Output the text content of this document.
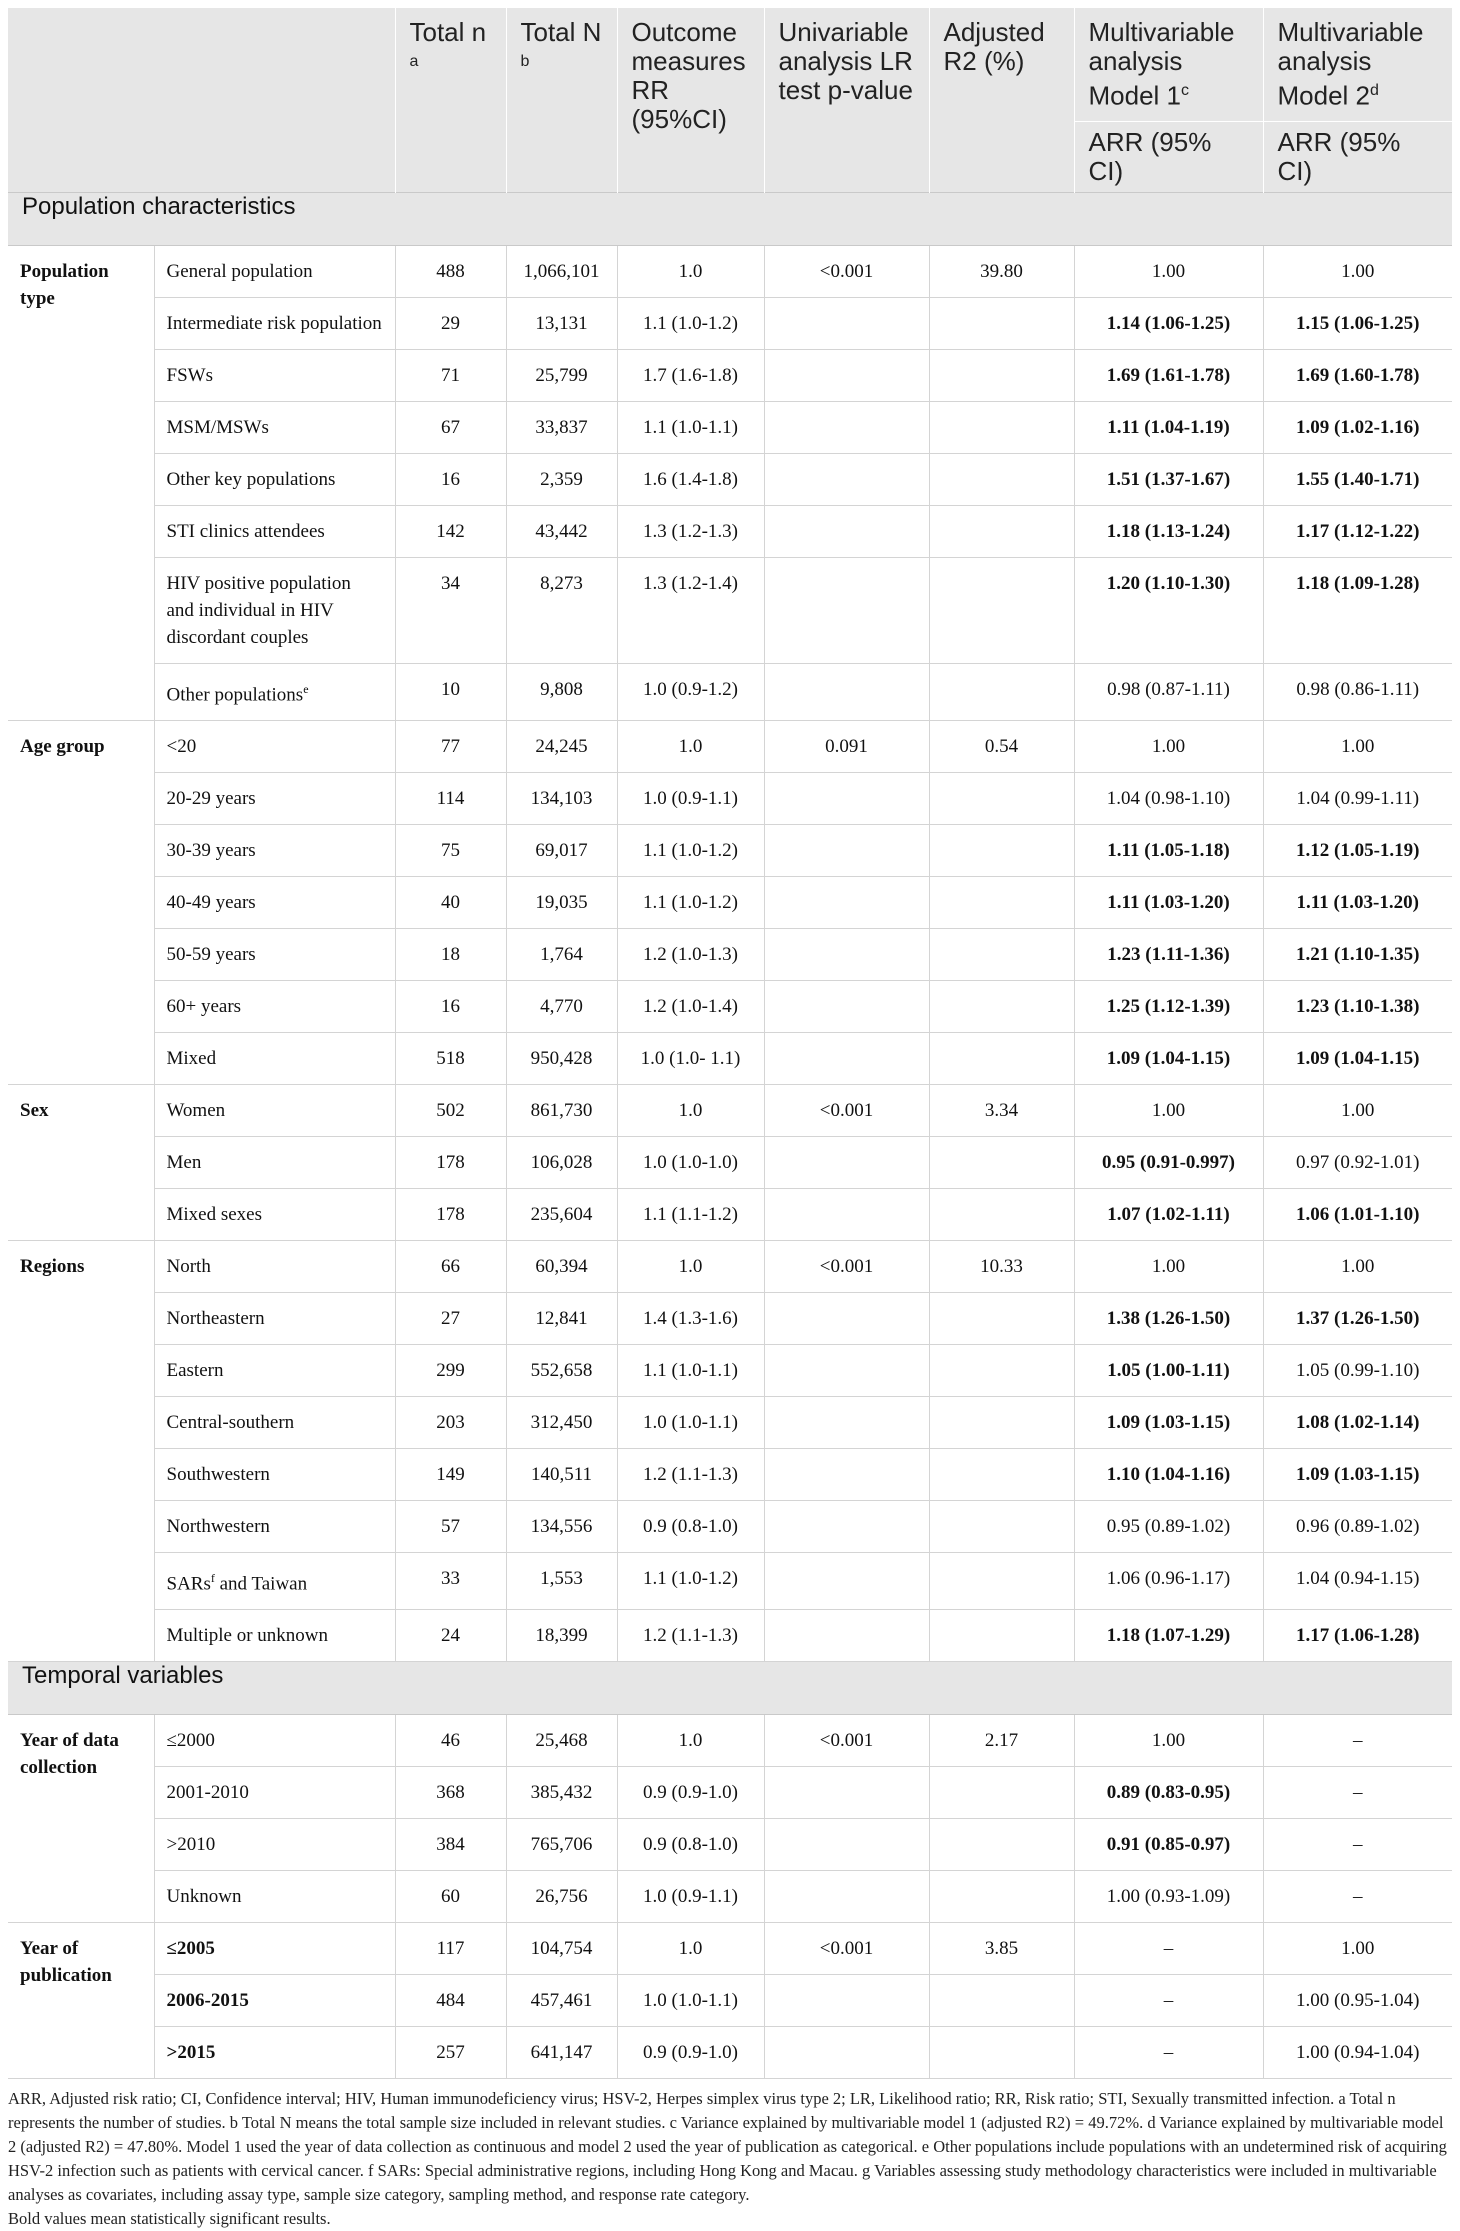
		Total n $^a$	Total N $^b$	Outcome measures RR (95%CI)	Univariable analysis LR test p-value	Adjusted R2 (%)	Multivariable analysis Model 1$^c$	Multivariable analysis Model 2$^d$
							ARR (95% CI)	ARR (95% CI)
Population characteristics								
Population type	General population	488	1,066,101	1.0	<0.001	39.80	1.00	1.00
	Intermediate risk population	29	13,131	1.1 (1.0-1.2)			1.14 (1.06-1.25)	1.15 (1.06-1.25)
	FSWs	71	25,799	1.7 (1.6-1.8)			1.69 (1.61-1.78)	1.69 (1.60-1.78)
	MSM/MSWs	67	33,837	1.1 (1.0-1.1)			1.11 (1.04-1.19)	1.09 (1.02-1.16)
	Other key populations	16	2,359	1.6 (1.4-1.8)			1.51 (1.37-1.67)	1.55 (1.40-1.71)
	STI clinics attendees	142	43,442	1.3 (1.2-1.3)			1.18 (1.13-1.24)	1.17 (1.12-1.22)
	HIV positive population and individual in HIV discordant couples	34	8,273	1.3 (1.2-1.4)			1.20 (1.10-1.30)	1.18 (1.09-1.28)
	Other populations$^e$	10	9,808	1.0 (0.9-1.2)			0.98 (0.87-1.11)	0.98 (0.86-1.11)
Age group	<20	77	24,245	1.0	0.091	0.54	1.00	1.00
	20-29 years	114	134,103	1.0 (0.9-1.1)			1.04 (0.98-1.10)	1.04 (0.99-1.11)
	30-39 years	75	69,017	1.1 (1.0-1.2)			1.11 (1.05-1.18)	1.12 (1.05-1.19)
	40-49 years	40	19,035	1.1 (1.0-1.2)			1.11 (1.03-1.20)	1.11 (1.03-1.20)
	50-59 years	18	1,764	1.2 (1.0-1.3)			1.23 (1.11-1.36)	1.21 (1.10-1.35)
	60+ years	16	4,770	1.2 (1.0-1.4)			1.25 (1.12-1.39)	1.23 (1.10-1.38)
	Mixed	518	950,428	1.0 (1.0- 1.1)			1.09 (1.04-1.15)	1.09 (1.04-1.15)
Sex	Women	502	861,730	1.0	<0.001	3.34	1.00	1.00
	Men	178	106,028	1.0 (1.0-1.0)			0.95 (0.91-0.997)	0.97 (0.92-1.01)
	Mixed sexes	178	235,604	1.1 (1.1-1.2)			1.07 (1.02-1.11)	1.06 (1.01-1.10)
Regions	North	66	60,394	1.0	<0.001	10.33	1.00	1.00
	Northeastern	27	12,841	1.4 (1.3-1.6)			1.38 (1.26-1.50)	1.37 (1.26-1.50)
	Eastern	299	552,658	1.1 (1.0-1.1)			1.05 (1.00-1.11)	1.05 (0.99-1.10)
	Central-southern	203	312,450	1.0 (1.0-1.1)			1.09 (1.03-1.15)	1.08 (1.02-1.14)
	Southwestern	149	140,511	1.2 (1.1-1.3)			1.10 (1.04-1.16)	1.09 (1.03-1.15)
	Northwestern	57	134,556	0.9 (0.8-1.0)			0.95 (0.89-1.02)	0.96 (0.89-1.02)
	SARs$^f$ and Taiwan	33	1,553	1.1 (1.0-1.2)			1.06 (0.96-1.17)	1.04 (0.94-1.15)
	Multiple or unknown	24	18,399	1.2 (1.1-1.3)			1.18 (1.07-1.29)	1.17 (1.06-1.28)
Temporal variables								
Year of data collection	≤2000	46	25,468	1.0	<0.001	2.17	1.00	–
	2001-2010	368	385,432	0.9 (0.9-1.0)			0.89 (0.83-0.95)	–
	>2010	384	765,706	0.9 (0.8-1.0)			0.91 (0.85-0.97)	–
	Unknown	60	26,756	1.0 (0.9-1.1)			1.00 (0.93-1.09)	–
Year of publication	≤2005	117	104,754	1.0	<0.001	3.85	–	1.00
	2006-2015	484	457,461	1.0 (1.0-1.1)			–	1.00 (0.95-1.04)
	>2015	257	641,147	0.9 (0.9-1.0)			–	1.00 (0.94-1.04)

ARR, Adjusted risk ratio; CI, Confidence interval; HIV, Human immunodeficiency virus; HSV-2, Herpes simplex virus type 2; LR, Likelihood ratio; RR, Risk ratio; STI, Sexually transmitted infection. a Total n represents the number of studies. b Total N means the total sample size included in relevant studies. c Variance explained by multivariable model 1 (adjusted R2) = 49.72%. d Variance explained by multivariable model 2 (adjusted R2) = 47.80%. Model 1 used the year of data collection as continuous and model 2 used the year of publication as categorical. e Other populations include populations with an undetermined risk of acquiring HSV-2 infection such as patients with cervical cancer. f SARs: Special administrative regions, including Hong Kong and Macau. g Variables assessing study methodology characteristics were included in multivariable analyses as covariates, including assay type, sample size category, sampling method, and response rate category.

Bold values mean statistically significant results.
